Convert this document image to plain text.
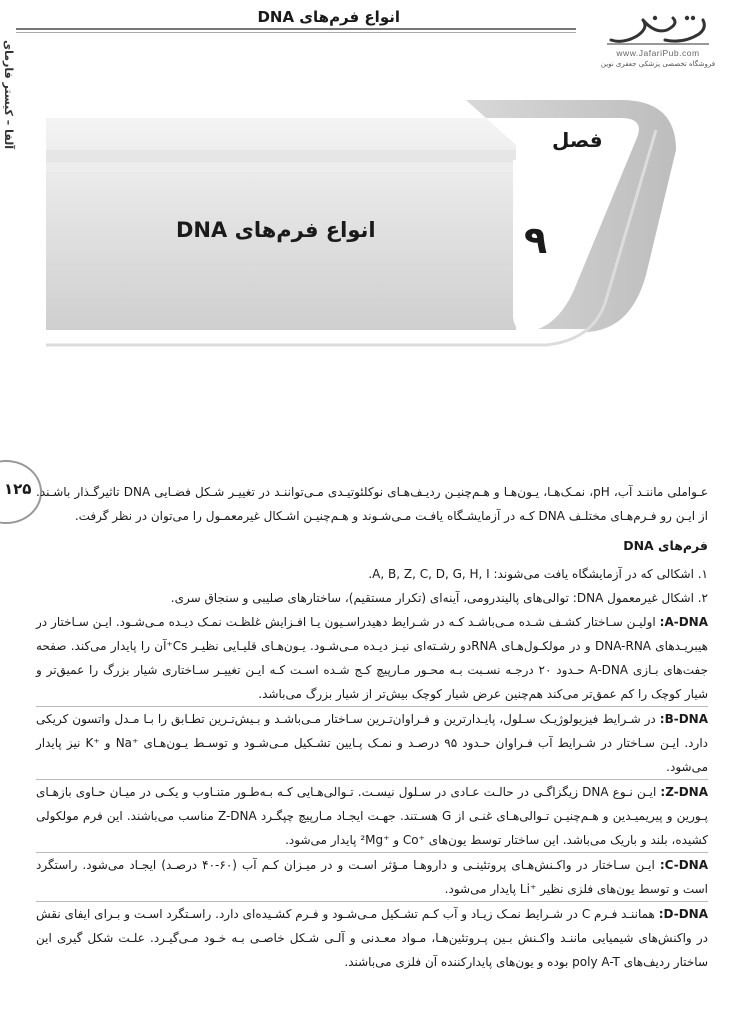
انواع فرم‌های DNA
آلفا – کیستر فارمای	www.JafariPub.com
فروشگاه تخصصی پزشکی جعفری نوین
فصل
۹
انواع فرم‌های DNA
۱۲۵ عـواملی ماننـد آب، pH، نمـک‌هـا، یـون‌هـا و هـم‌چنیـن ردیـف‌هـای نوکلئوتیـدی مـی‌تواننـد در تغییـر شـکل فضـایی DNA تاثیرگـذار باشـند. از ایـن رو فـرم‌هـای مختلـف DNA کـه در آزمایشـگاه یافـت مـی‌شـوند و هـم‌چنیـن اشـکال غیرمعمـول را می‌توان در نظر گرفت.

فرم‌های DNA

۱. اشکالی که در آزمایشگاه یافت می‌شوند: A, B, Z, C, D, G, H, I.

۲. اشکال غیرمعمول DNA: توالی‌های پالیندرومی، آینه‌ای (تکرار مستقیم)، ساختارهای صلیبی و سنجاق سری.

A-DNA: اولیـن سـاختار کشـف شـده مـی‌باشـد کـه در شـرایط دهیدراسـیون یـا افـزایش غلظـت نمـک دیـده مـی‌شـود. ایـن سـاختار در هیبریـدهای DNA-RNA و در مولکـول‌هـای RNAدو رشـته‌ای نیـز دیـده مـی‌شـود. یـون‌هـای قلیـایی نظیـر Cs⁺آن را پایدار می‌کند. صفحه جفت‌های بـازی A-DNA حـدود ۲۰ درجـه نسـبت بـه محـور مـارپیچ کـج شـده اسـت کـه ایـن تغییـر سـاختاری شیار بزرگ را عمیق‌تر و شیار کوچک را کم عمق‌تر می‌کند هم‌چنین عرض شیار کوچک بیش‌تر از شیار بزرگ می‌باشد.

B-DNA: در شـرایط فیزیولوژیـک سـلول، پایـدارترین و فـراوان‌تـرین سـاختار مـی‌باشـد و بـیش‌تـرین تطـابق را بـا مـدل واتسون کریکی دارد. ایـن سـاختار در شـرایط آب فـراوان حـدود ۹۵ درصـد و نمـک پـایین تشـکیل مـی‌شـود و توسـط یـون‌هـای ⁺Na و ⁺K نیز پایدار می‌شود.

Z-DNA: ایـن نـوع DNA زیگزاگـی در حالـت عـادی در سـلول نیسـت. تـوالی‌هـایی کـه بـه‌طـور متنـاوب و یکـی در میـان حـاوی بازهـای پـورین و پیریمیـدین و هـم‌چنیـن تـوالی‌هـای غنـی از G هسـتند. جهـت ایجـاد مـارپیچ چپگـرد Z-DNA مناسب می‌باشند. این فرم مولکولی کشیده، بلند و باریک می‌باشد. این ساختار توسط یون‌های ⁺Co و ⁺²Mg پایدار می‌شود.

C-DNA: ایـن سـاختار در واکـنش‌هـای پروتئینـی و داروهـا مـؤثر اسـت و در میـزان کـم آب (۶۰-۴۰ درصـد) ایجـاد می‌شود. راستگرد است و توسط یون‌های فلزی نظیر ⁺Li پایدار می‌شود.

D-DNA: هماننـد فـرم C در شـرایط نمـک زیـاد و آب کـم تشـکیل مـی‌شـود و فـرم کشـیده‌ای دارد. راسـتگرد اسـت و بـرای ایفای نقش در واکنش‌های شیمیایی ماننـد واکـنش بـین پـروتئین‌هـا، مـواد معـدنی و آلـی شـکل خاصـی بـه خـود مـی‌گیـرد. علـت شکل گیری این ساختار ردیف‌های poly A-T بوده و یون‌های پایدارکننده آن فلزی می‌باشند.
